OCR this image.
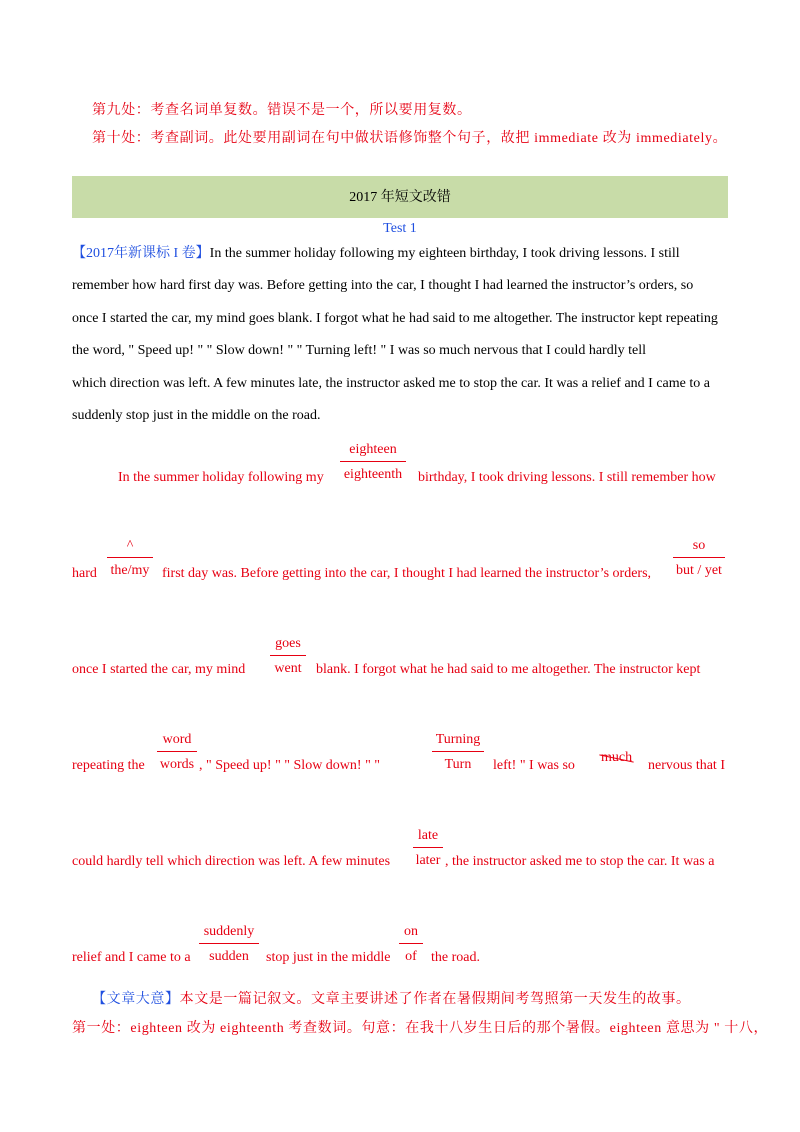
第九处：考查名词单复数。错误不是一个，所以要用复数。
第十处：考查副词。此处要用副词在句中做状语修饰整个句子，故把 immediate 改为 immediately。
2017 年短文改错
Test 1

【2017年新课标 I 卷】In the summer holiday following my eighteen birthday, I took driving lessons. I still

remember how hard first day was. Before getting into the car, I thought I had learned the instructor’s orders, so

once I started the car, my mind goes blank. I forgot what he had said to me altogether. The instructor kept repeating

the word, " Speed up! " " Slow down! " " Turning left! " I was so much nervous that I could hardly tell

which direction was left. A few minutes late, the instructor asked me to stop the car. It was a relief and I came to a

suddenly stop just in the middle on the road.

In the summer holiday following my
eighteen
eighteenth birthday, I took driving lessons. I still remember how
hard
^
the/my first day was. Before getting into the car, I thought I had learned the instructor’s orders,
so
but / yet
once I started the car, my mind
goes
went	blank. I forgot what he had said to me altogether. The instructor kept
repeating the
word
words , " Speed up! " " Slow down! " "
Turning
Turn	left! " I was so
much
nervous that I
could hardly tell which direction was left. A few minutes
late
later , the instructor asked me to stop the car. It was a
relief and I came to a
suddenly
sudden	stop just in the middle
on
of	the road.
【文章大意】本文是一篇记叙文。文章主要讲述了作者在暑假期间考驾照第一天发生的故事。
第一处：eighteen 改为 eighteenth 考查数词。句意：在我十八岁生日后的那个暑假。eighteen 意思为 " 十八，
